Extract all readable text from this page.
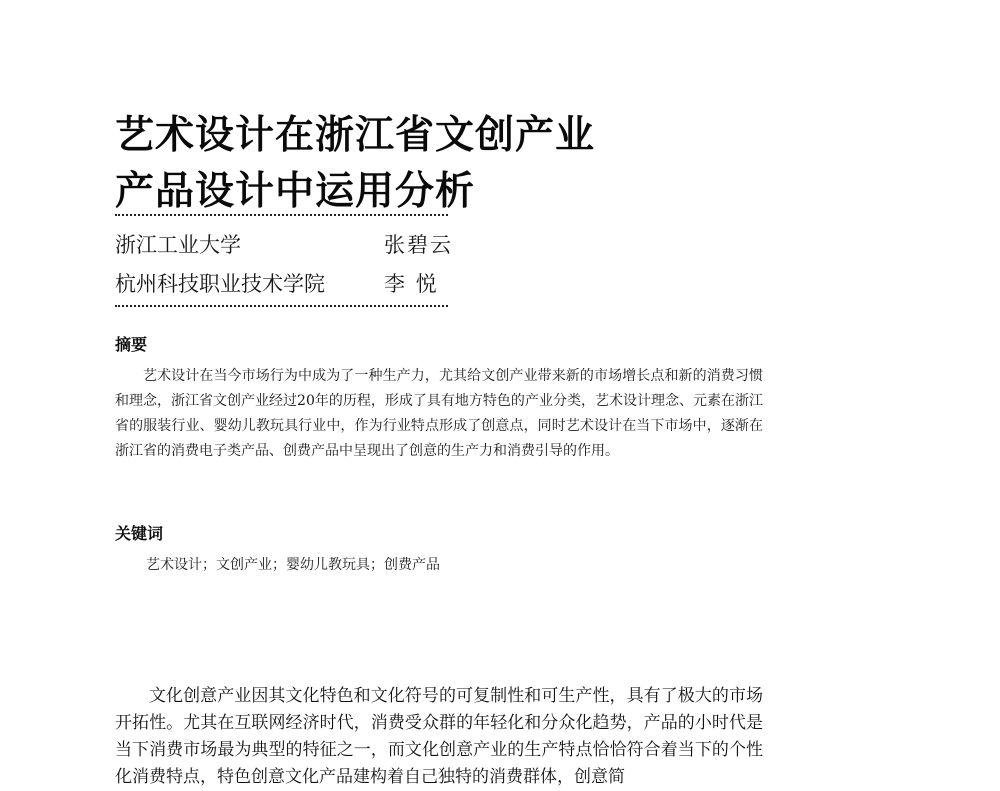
艺术设计在浙江省文创产业
产品设计中运用分析
浙江工业大学	张碧云
杭州科技职业技术学院	李 悦
摘要

艺术设计在当今市场行为中成为了一种生产力，尤其给文创产业带来新的市场增长点和新的消费习惯和理念，浙江省文创产业经过20年的历程，形成了具有地方特色的产业分类，艺术设计理念、元素在浙江省的服装行业、婴幼儿教玩具行业中，作为行业特点形成了创意点，同时艺术设计在当下市场中，逐渐在浙江省的消费电子类产品、创费产品中呈现出了创意的生产力和消费引导的作用。

关键词

艺术设计；文创产业；婴幼儿教玩具；创费产品

文化创意产业因其文化特色和文化符号的可复制性和可生产性，具有了极大的市场开拓性。尤其在互联网经济时代，消费受众群的年轻化和分众化趋势，产品的小时代是当下消费市场最为典型的特征之一，而文化创意产业的生产特点恰恰符合着当下的个性化消费特点，特色创意文化产品建构着自己独特的消费群体，创意简
